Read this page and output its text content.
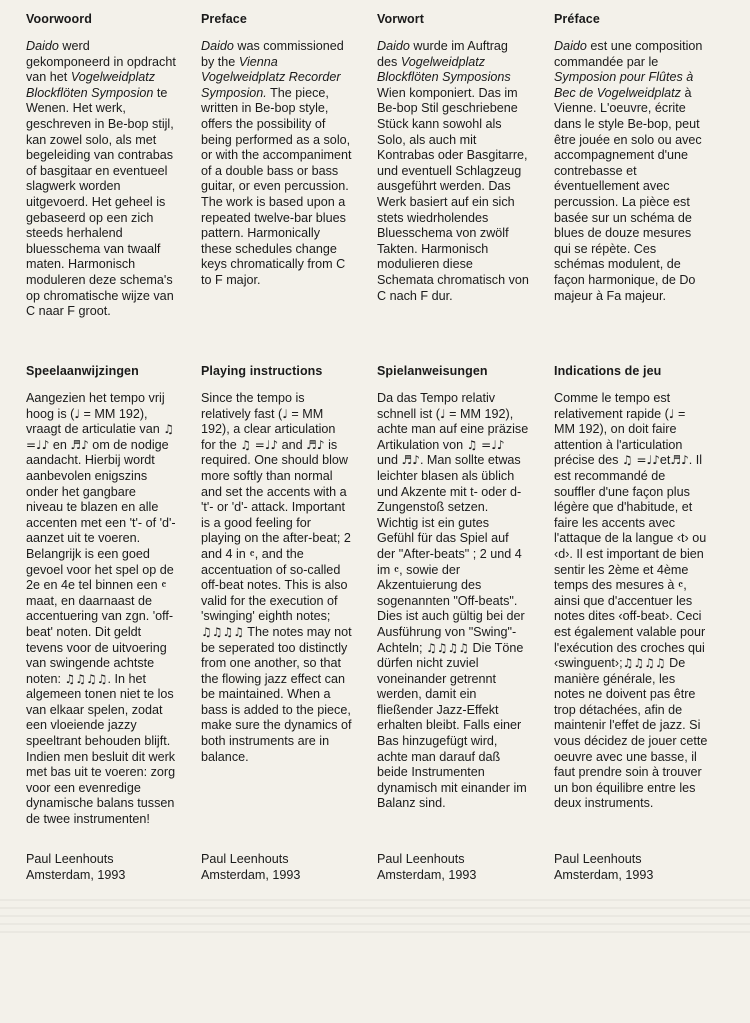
Voorwoord

Daido werd gekomponeerd in opdracht van het Vogelweidplatz Blockflöten Symposion te Wenen. Het werk, geschreven in Be-bop stijl, kan zowel solo, als met begeleiding van contrabas of basgitaar en eventueel slagwerk worden uitgevoerd. Het geheel is gebaseerd op een zich steeds herhalend bluesschema van twaalf maten. Harmonisch moduleren deze schema's op chromatische wijze van C naar F groot.

Preface

Daido was commissioned by the Vienna Vogelweidplatz Recorder Symposion. The piece, written in Be-bop style, offers the possibility of being performed as a solo, or with the accompaniment of a double bass or bass guitar, or even percussion. The work is based upon a repeated twelve-bar blues pattern. Harmonically these schedules change keys chromatically from C to F major.

Vorwort

Daido wurde im Auftrag des Vogelweidplatz Blockflöten Symposions Wien komponiert. Das im Be-bop Stil geschriebene Stück kann sowohl als Solo, als auch mit Kontrabas oder Basgitarre, und eventuell Schlagzeug ausgeführt werden. Das Werk basiert auf ein sich stets wiedrholendes Bluesschema von zwölf Takten. Harmonisch modulieren diese Schemata chromatisch von C nach F dur.

Préface

Daido est une composition commandée par le Symposion pour Flûtes à Bec de Vogelweidplatz à Vienne. L'oeuvre, écrite dans le style Be-bop, peut être jouée en solo ou avec accompagnement d'une contrebasse et éventuellement avec percussion. La pièce est basée sur un schéma de blues de douze mesures qui se répète. Ces schémas modulent, de façon harmonique, de Do majeur à Fa majeur.

Speelaanwijzingen

Aangezien het tempo vrij hoog is (♩ = MM 192), vraagt de articulatie van ♫ =♩♪ en ♬♪ om de nodige aandacht. Hierbij wordt aanbevolen enigszins onder het gangbare niveau te blazen en alle accenten met een 't'- of 'd'- aanzet uit te voeren. Belangrijk is een goed gevoel voor het spel op de 2e en 4e tel binnen een 𝄴 maat, en daarnaast de accentuering van zgn. 'off-beat' noten. Dit geldt tevens voor de uitvoering van swingende achtste noten: ♫♫♫♫. In het algemeen tonen niet te los van elkaar spelen, zodat een vloeiende jazzy speeltrant behouden blijft. Indien men besluit dit werk met bas uit te voeren: zorg voor een evenredige dynamische balans tussen de twee instrumenten!

Playing instructions

Since the tempo is relatively fast (♩ = MM 192), a clear articulation for the ♫ =♩♪ and ♬♪ is required. One should blow more softly than normal and set the accents with a 't'- or 'd'- attack. Important is a good feeling for playing on the after-beat; 2 and 4 in 𝄴, and the accentuation of so-called off-beat notes. This is also valid for the execution of 'swinging' eighth notes; ♫♫♫♫ The notes may not be seperated too distinctly from one another, so that the flowing jazz effect can be maintained. When a bass is added to the piece, make sure the dynamics of both instruments are in balance.

Spielanweisungen

Da das Tempo relativ schnell ist (♩ = MM 192), achte man auf eine präzise Artikulation von ♫ =♩♪ und ♬♪. Man sollte etwas leichter blasen als üblich und Akzente mit t- oder d- Zungenstoß setzen. Wichtig ist ein gutes Gefühl für das Spiel auf der "After-beats" ; 2 und 4 im 𝄴, sowie der Akzentuierung des sogenannten "Off-beats". Dies ist auch gültig bei der Ausführung von "Swing"-Achteln; ♫♫♫♫ Die Töne dürfen nicht zuviel voneinander getrennt werden, damit ein fließender Jazz-Effekt erhalten bleibt. Falls einer Bas hinzugefügt wird, achte man darauf daß beide Instrumenten dynamisch mit einander im Balanz sind.

Indications de jeu

Comme le tempo est relativement rapide (♩ = MM 192), on doit faire attention à l'articulation précise des ♫ =♩♪et♬♪. Il est recommandé de souffler d'une façon plus légère que d'habitude, et faire les accents avec l'attaque de la langue ‹t› ou ‹d›. Il est important de bien sentir les 2ème et 4ème temps des mesures à 𝄴, ainsi que d'accentuer les notes dites ‹off-beat›. Ceci est également valable pour l'exécution des croches qui ‹swinguent›;♫♫♫♫ De manière générale, les notes ne doivent pas être trop détachées, afin de maintenir l'effet de jazz. Si vous décidez de jouer cette oeuvre avec une basse, il faut prendre soin à trouver un bon équilibre entre les deux instruments.

Paul Leenhouts
Amsterdam, 1993
Paul Leenhouts
Amsterdam, 1993
Paul Leenhouts
Amsterdam, 1993
Paul Leenhouts
Amsterdam, 1993
